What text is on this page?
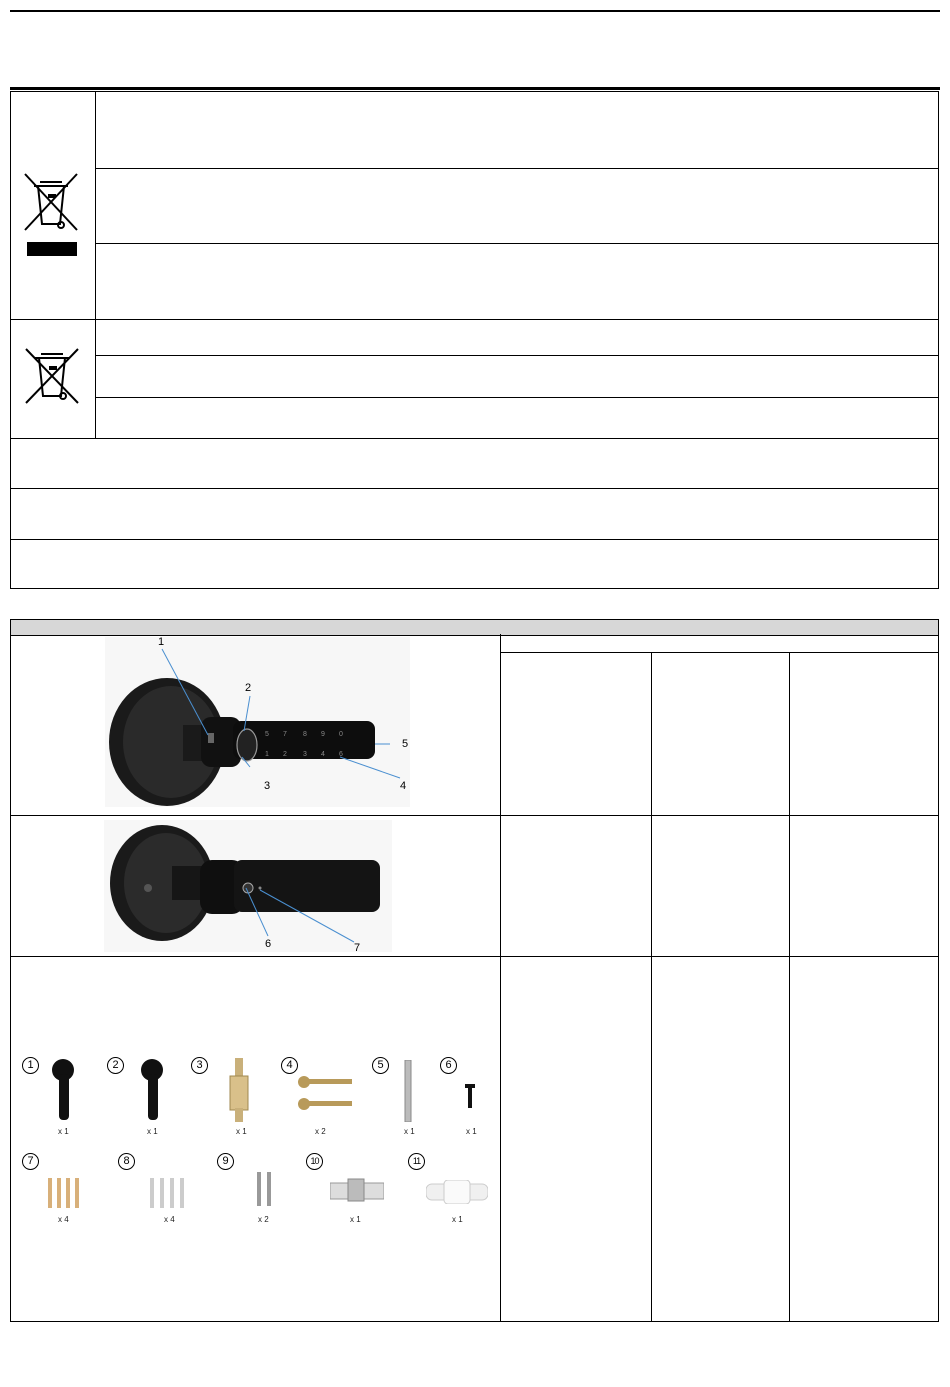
5 7 8 9 0
1 2 3 4 6
1
2
3	4
5
6	7
1	2	3	4	5	6
x 1	x 1	x 1	x 2	x 1	x 1
7	8	9	10	11
x 4	x 4	x 2	x 1	x 1
